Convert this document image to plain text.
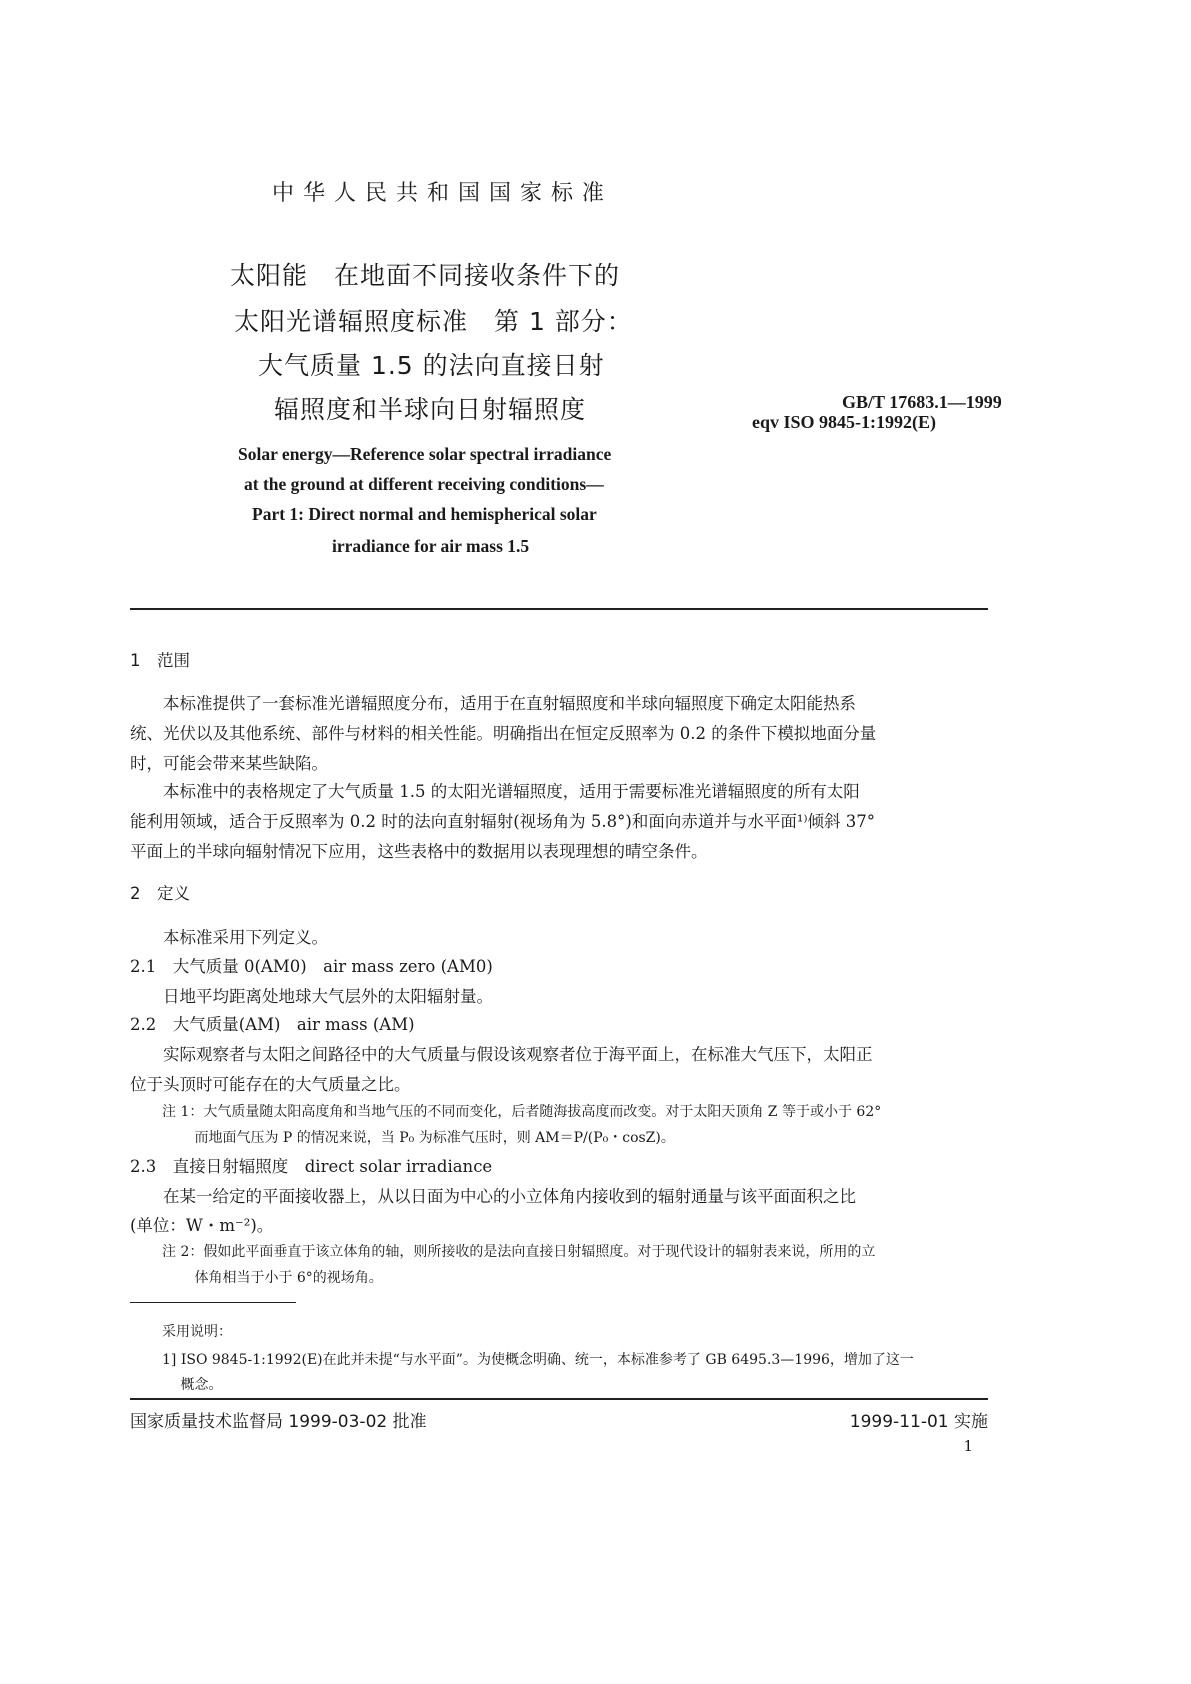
中 华 人 民 共 和 国 国 家 标 准
太阳能　在地面不同接收条件下的
太阳光谱辐照度标准　第 1 部分：
大气质量 1.5 的法向直接日射
辐照度和半球向日射辐照度	GB/T 17683.1—1999
eqv ISO 9845-1:1992(E)
Solar energy—Reference solar spectral irradiance
at the ground at different receiving conditions—
Part 1: Direct normal and hemispherical solar
irradiance for air mass 1.5
1　范围
　　本标准提供了一套标准光谱辐照度分布，适用于在直射辐照度和半球向辐照度下确定太阳能热系
统、光伏以及其他系统、部件与材料的相关性能。明确指出在恒定反照率为 0.2 的条件下模拟地面分量
时，可能会带来某些缺陷。
　　本标准中的表格规定了大气质量 1.5 的太阳光谱辐照度，适用于需要标准光谱辐照度的所有太阳
能利用领域，适合于反照率为 0.2 时的法向直射辐射(视场角为 5.8°)和面向赤道并与水平面¹⁾倾斜 37°
平面上的半球向辐射情况下应用，这些表格中的数据用以表现理想的晴空条件。
2　定义
　　本标准采用下列定义。
2.1　大气质量 0(AM0)　air mass zero (AM0)
　　日地平均距离处地球大气层外的太阳辐射量。
2.2　大气质量(AM)　air mass (AM)
　　实际观察者与太阳之间路径中的大气质量与假设该观察者位于海平面上，在标准大气压下，太阳正
位于头顶时可能存在的大气质量之比。
注 1：大气质量随太阳高度角和当地气压的不同而变化，后者随海拔高度而改变。对于太阳天顶角 Z 等于或小于 62°
　　 而地面气压为 P 的情况来说，当 P₀ 为标准气压时，则 AM＝P/(P₀・cosZ)。
2.3　直接日射辐照度　direct solar irradiance
　　在某一给定的平面接收器上，从以日面为中心的小立体角内接收到的辐射通量与该平面面积之比
(单位：W・m⁻²)。
注 2：假如此平面垂直于该立体角的轴，则所接收的是法向直接日射辐照度。对于现代设计的辐射表来说，所用的立
　　 体角相当于小于 6°的视场角。
采用说明：
1] ISO 9845-1:1992(E)在此并未提“与水平面”。为使概念明确、统一，本标准参考了 GB 6495.3—1996，增加了这一
　 概念。
国家质量技术监督局 1999-03-02 批准	1999-11-01 实施
1
